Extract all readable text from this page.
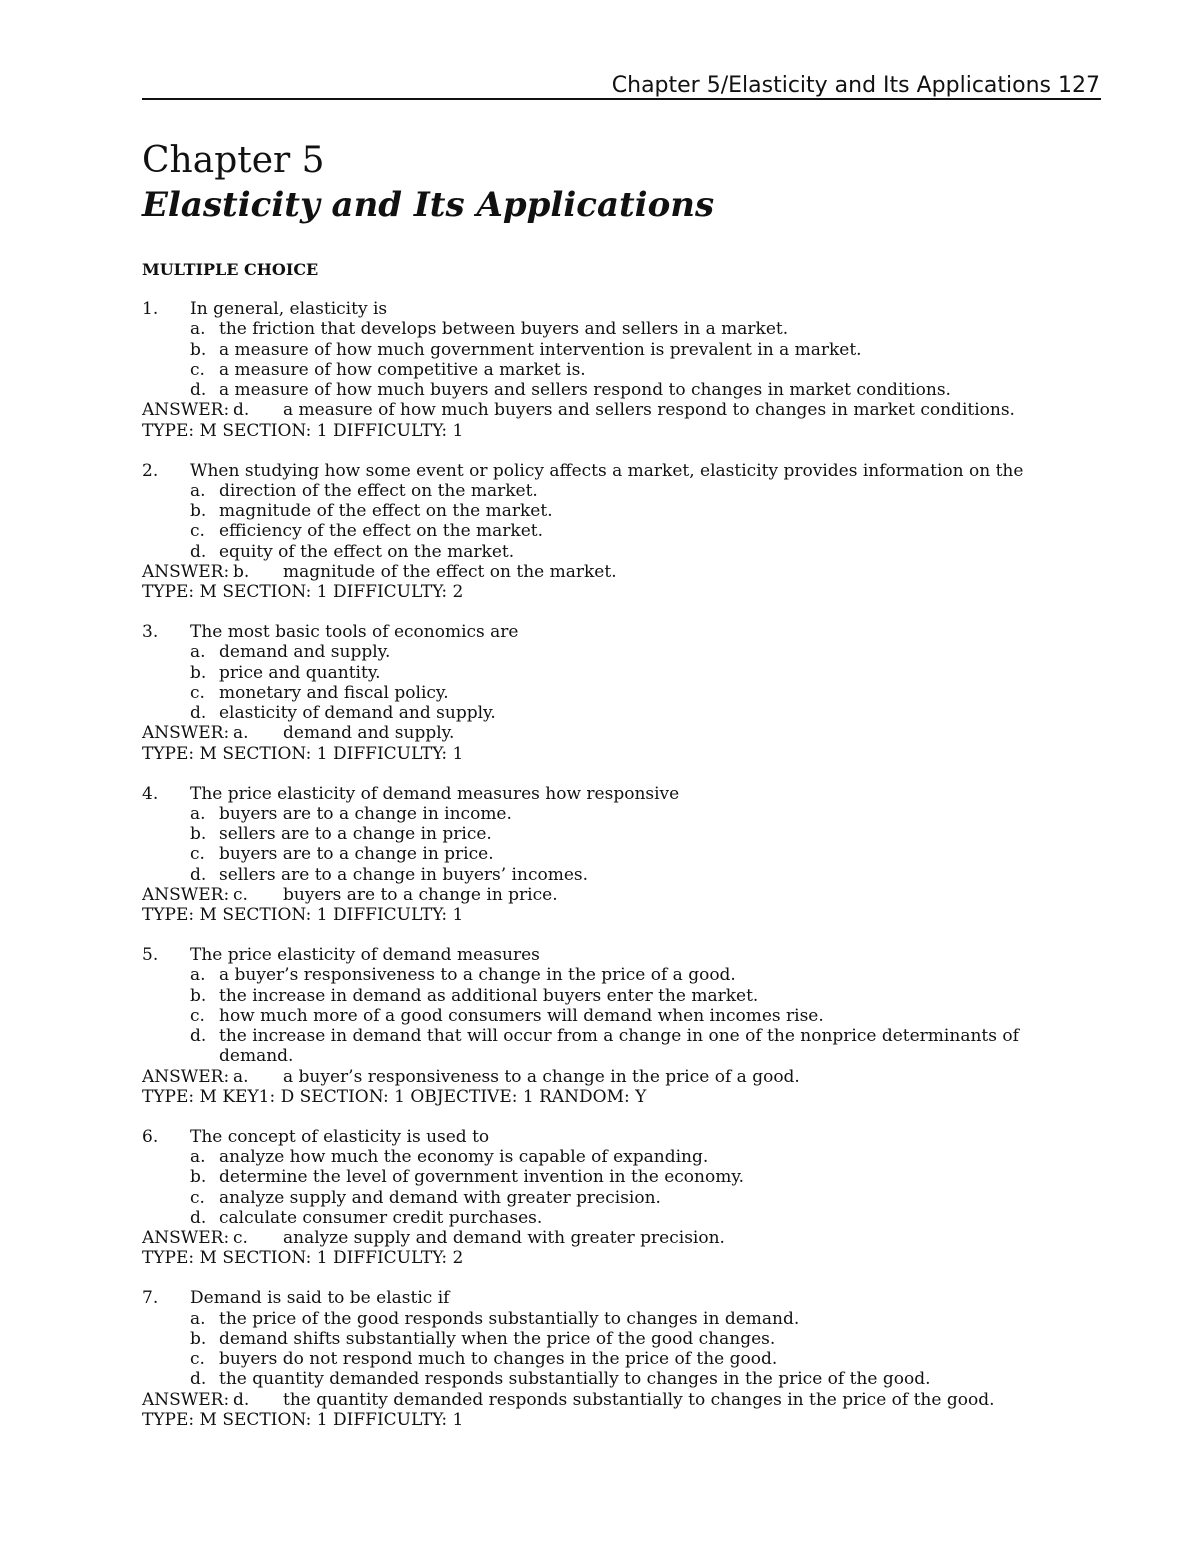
Chapter 5/Elasticity and Its Applications 127
Chapter 5
Elasticity and Its Applications
MULTIPLE CHOICE
1. In general, elasticity is
a. the friction that develops between buyers and sellers in a market.
b. a measure of how much government intervention is prevalent in a market.
c. a measure of how competitive a market is.
d. a measure of how much buyers and sellers respond to changes in market conditions.
ANSWER: d. a measure of how much buyers and sellers respond to changes in market conditions.
TYPE: M SECTION: 1 DIFFICULTY: 1
2. When studying how some event or policy affects a market, elasticity provides information on the
a. direction of the effect on the market.
b. magnitude of the effect on the market.
c. efficiency of the effect on the market.
d. equity of the effect on the market.
ANSWER: b. magnitude of the effect on the market.
TYPE: M SECTION: 1 DIFFICULTY: 2
3. The most basic tools of economics are
a. demand and supply.
b. price and quantity.
c. monetary and fiscal policy.
d. elasticity of demand and supply.
ANSWER: a. demand and supply.
TYPE: M SECTION: 1 DIFFICULTY: 1
4. The price elasticity of demand measures how responsive
a. buyers are to a change in income.
b. sellers are to a change in price.
c. buyers are to a change in price.
d. sellers are to a change in buyers’ incomes.
ANSWER: c. buyers are to a change in price.
TYPE: M SECTION: 1 DIFFICULTY: 1
5. The price elasticity of demand measures
a. a buyer’s responsiveness to a change in the price of a good.
b. the increase in demand as additional buyers enter the market.
c. how much more of a good consumers will demand when incomes rise.
d. the increase in demand that will occur from a change in one of the nonprice determinants of
demand.
ANSWER: a. a buyer’s responsiveness to a change in the price of a good.
TYPE: M KEY1: D SECTION: 1 OBJECTIVE: 1 RANDOM: Y
6. The concept of elasticity is used to
a. analyze how much the economy is capable of expanding.
b. determine the level of government invention in the economy.
c. analyze supply and demand with greater precision.
d. calculate consumer credit purchases.
ANSWER: c. analyze supply and demand with greater precision.
TYPE: M SECTION: 1 DIFFICULTY: 2
7. Demand is said to be elastic if
a. the price of the good responds substantially to changes in demand.
b. demand shifts substantially when the price of the good changes.
c. buyers do not respond much to changes in the price of the good.
d. the quantity demanded responds substantially to changes in the price of the good.
ANSWER: d. the quantity demanded responds substantially to changes in the price of the good.
TYPE: M SECTION: 1 DIFFICULTY: 1
